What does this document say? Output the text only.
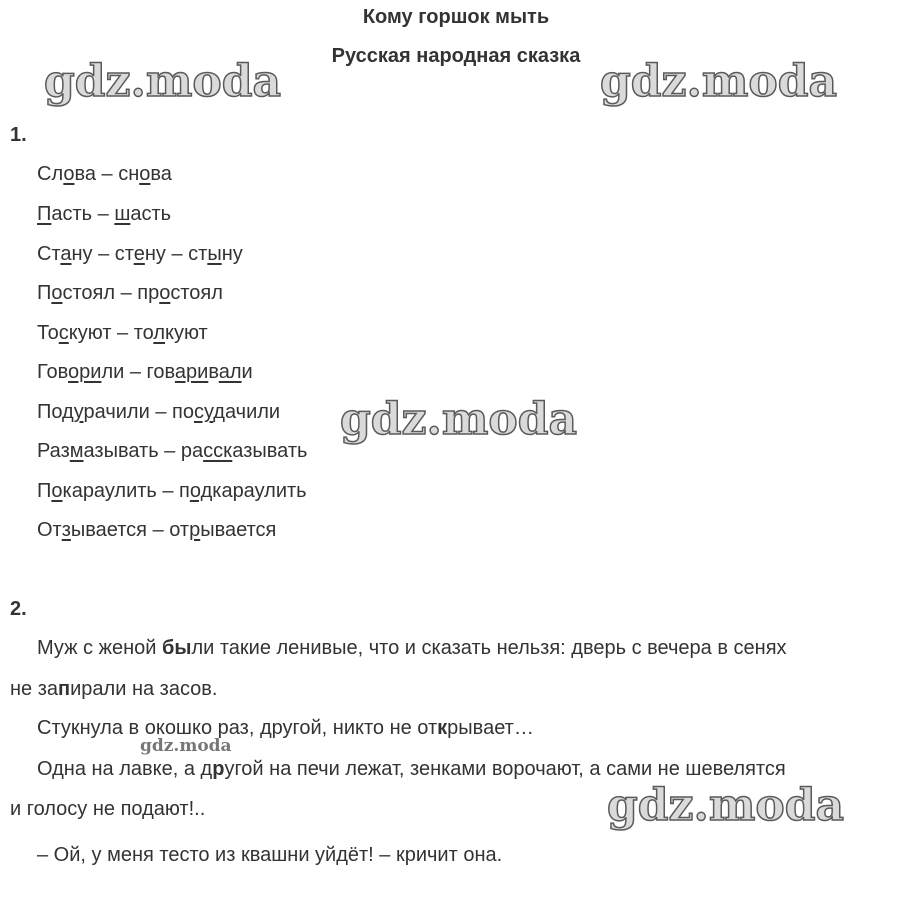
Кому горшок мыть
Русская народная сказка
1.
Слова – снова
Пасть – шасть
Стану – стену – стыну
Постоял – простоял
Тоскуют – толкуют
Говорили – говаривали
Подурачили – посудачили
Размазывать – рассказывать
Покараулить – подкараулить
Отзывается – отрывается
2.
Муж с женой были такие ленивые, что и сказать нельзя: дверь с вечера в сенях
не запирали на засов.
Стукнула в окошко раз, другой, никто не открывает…
Одна на лавке, а другой на печи лежат, зенками ворочают, а сами не шевелятся
и голосу не подают!..
– Ой, у меня тесто из квашни уйдёт! – кричит она.
gdz.moda	gdz.moda
gdz.moda
gdz.moda
gdz.moda
